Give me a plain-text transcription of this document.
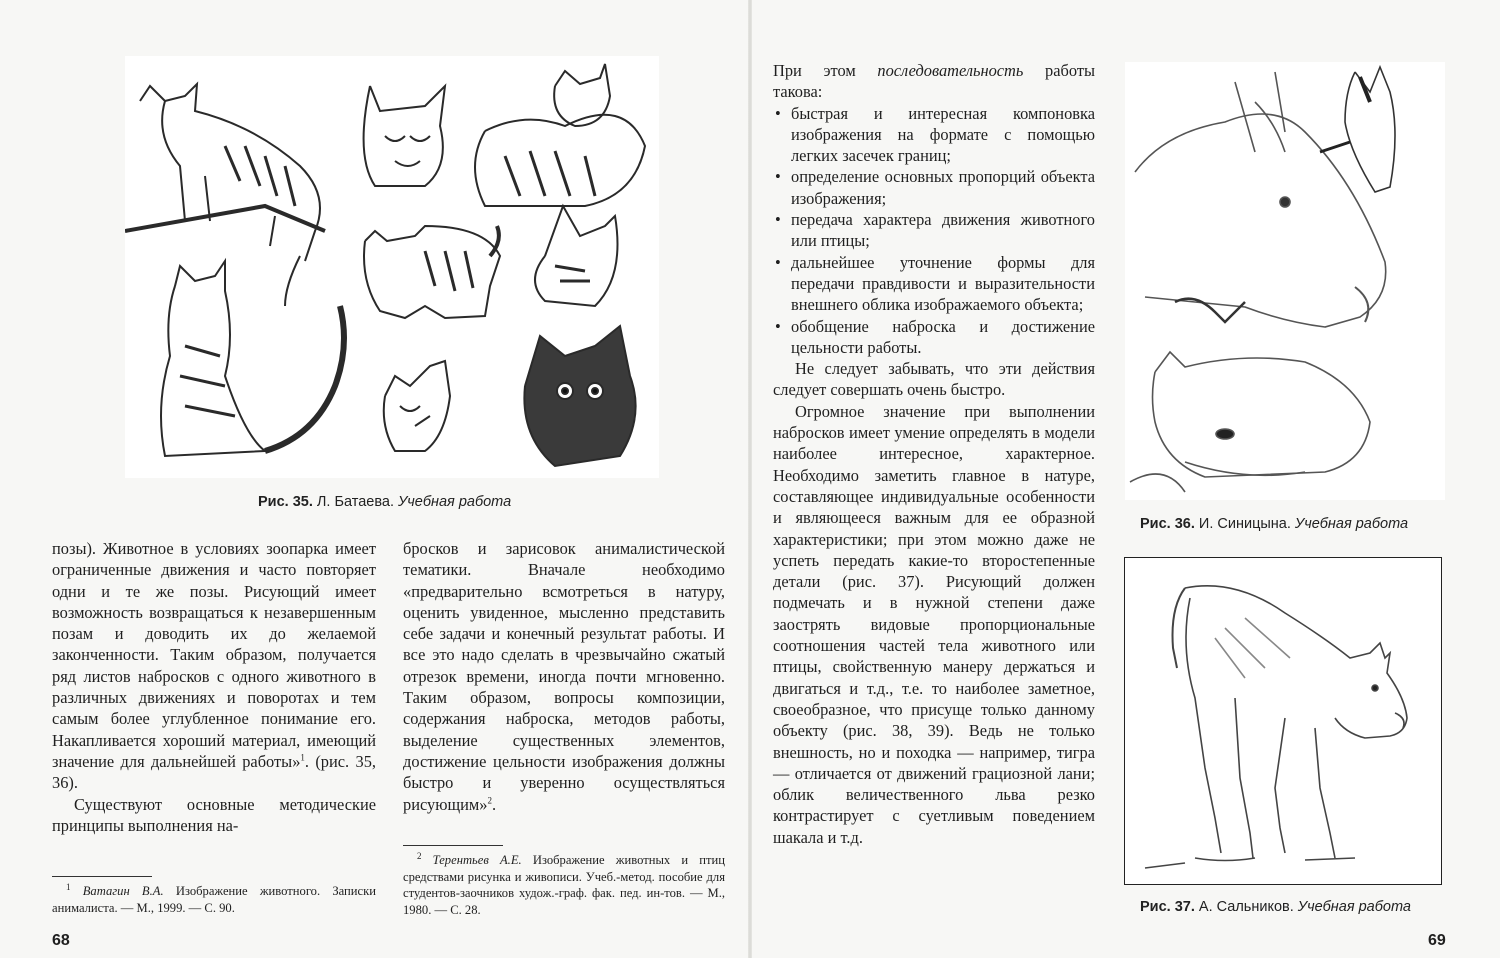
Рис. 35. Л. Батаева. Учебная работа

позы). Животное в условиях зоопарка имеет ограниченные движения и часто повторяет одни и те же позы. Рисующий имеет возможность возвращаться к незавершенным позам и доводить их до желаемой законченности. Таким образом, получается ряд листов набросков с одного животного в различных движениях и поворотах и тем самым более углубленное понимание его. Накапливается хороший материал, имеющий значение для дальнейшей работы»$^1$. (рис. 35, 36).

Существуют основные методические принципы выполнения на-

бросков и зарисовок анималистической тематики. Вначале необходимо «предварительно всмотреться в натуру, оценить увиденное, мысленно представить себе задачи и конечный результат работы. И все это надо сделать в чрезвычайно сжатый отрезок времени, иногда почти мгновенно. Таким образом, вопросы композиции, содержания наброска, методов работы, выделение существенных элементов, достижение цельности изображения должны быстро и уверенно осуществляться рисующим»$^2$.

$^1$ Ватагин В.А. Изображение животного. Записки анималиста. — М., 1999. — С. 90.

$^2$ Терентьев А.Е. Изображение животных и птиц средствами рисунка и живописи. Учеб.-метод. пособие для студентов-заочников худож.-граф. фак. пед. ин-тов. — М., 1980. — С. 28.

68

При этом последовательность работы такова:

• быстрая и интересная компоновка изображения на формате с помощью легких засечек границ;
• определение основных пропорций объекта изображения;
• передача характера движения животного или птицы;
• дальнейшее уточнение формы для передачи правдивости и выразительности внешнего облика изображаемого объекта;
• обобщение наброска и достижение цельности работы.

Не следует забывать, что эти действия следует совершать очень быстро.

Огромное значение при выполнении набросков имеет умение определять в модели наиболее интересное, характерное. Необходимо заметить главное в натуре, составляющее индивидуальные особенности и являющееся важным для ее образной характеристики; при этом можно даже не успеть передать какие-то второстепенные детали (рис. 37). Рисующий должен подмечать и в нужной степени даже заострять видовые пропорциональные соотношения частей тела животного или птицы, свойственную манеру держаться и двигаться и т.д., т.е. то наиболее заметное, своеобразное, что присуще только данному объекту (рис. 38, 39). Ведь не только внешность, но и походка — например, тигра — отличается от движений грациозной лани; облик величественного льва резко контрастирует с суетливым поведением шакала и т.д.

Рис. 36. И. Синицына. Учебная работа
Рис. 37. А. Сальников. Учебная работа
69
